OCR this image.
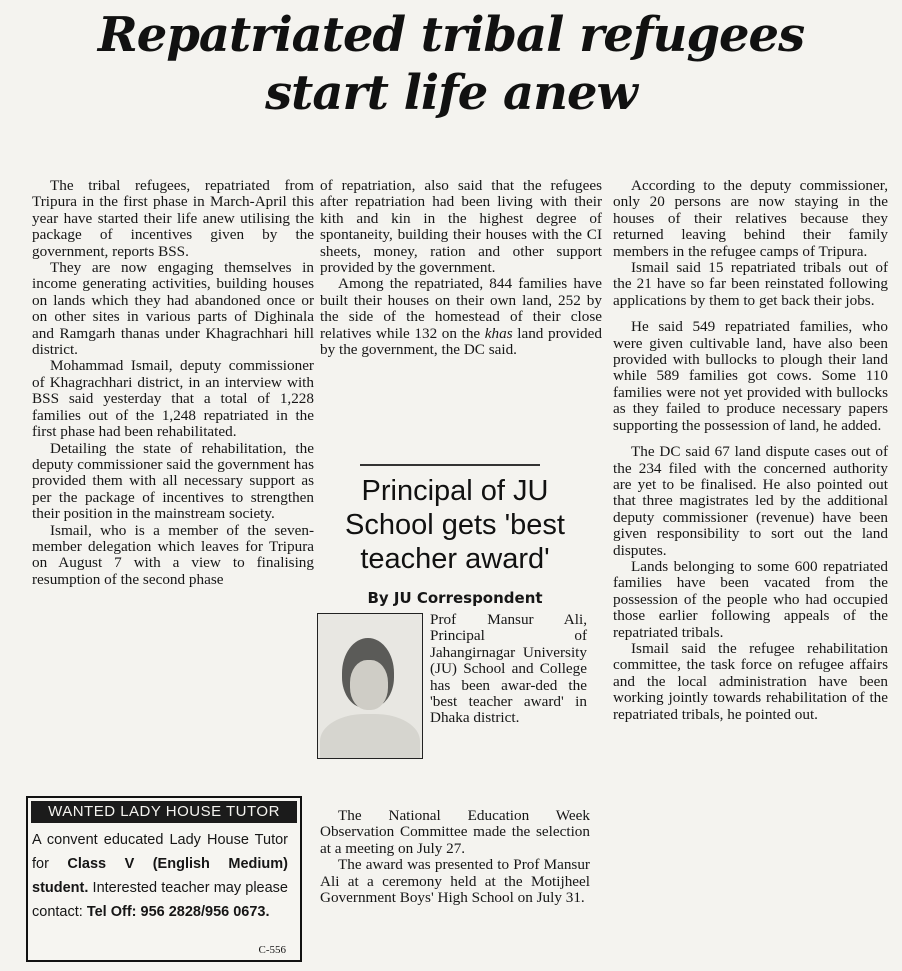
Repatriated tribal refugees
start life anew

The tribal refugees, repatriated from Tripura in the first phase in March-April this year have started their life anew utilising the package of incentives given by the government, reports BSS.

They are now engaging themselves in income generating activities, building houses on lands which they had abandoned once or on other sites in various parts of Dighinala and Ramgarh thanas under Khagrachhari hill district.

Mohammad Ismail, deputy commissioner of Khagrachhari district, in an interview with BSS said yesterday that a total of 1,228 families out of the 1,248 repatriated in the first phase had been rehabilitated.

Detailing the state of rehabilitation, the deputy commissioner said the government has provided them with all necessary support as per the package of incentives to strengthen their position in the mainstream society.

Ismail, who is a member of the seven-member delegation which leaves for Tripura on August 7 with a view to finalising resumption of the second phase

of repatriation, also said that the refugees after repatriation had been living with their kith and kin in the highest degree of spontaneity, building their houses with the CI sheets, money, ration and other support provided by the government.

Among the repatriated, 844 families have built their houses on their own land, 252 by the side of the homestead of their close relatives while 132 on the khas land provided by the government, the DC said.

Principal of JU School gets 'best teacher award'
By JU Correspondent
Prof Mansur Ali, Principal of Jahangirnagar University (JU) School and College has been awar-ded the 'best teacher award' in Dhaka district.

The National Education Week Observation Committee made the selection at a meeting on July 27.

The award was presented to Prof Mansur Ali at a ceremony held at the Motijheel Government Boys' High School on July 31.

According to the deputy commissioner, only 20 persons are now staying in the houses of their relatives because they returned leaving behind their family members in the refugee camps of Tripura.

Ismail said 15 repatriated tribals out of the 21 have so far been reinstated following applications by them to get back their jobs.

He said 549 repatriated families, who were given cultivable land, have also been provided with bullocks to plough their land while 589 families got cows. Some 110 families were not yet provided with bullocks as they failed to produce necessary papers supporting the possession of land, he added.

The DC said 67 land dispute cases out of the 234 filed with the concerned authority are yet to be finalised. He also pointed out that three magistrates led by the additional deputy commissioner (revenue) have been given responsibility to sort out the land disputes.

Lands belonging to some 600 repatriated families have been vacated from the possession of the people who had occupied those earlier following appeals of the repatriated tribals.

Ismail said the refugee rehabilitation committee, the task force on refugee affairs and the local administration have been working jointly towards rehabilitation of the repatriated tribals, he pointed out.

WANTED LADY HOUSE TUTOR
A convent educated Lady House Tutor for Class V (English Medium) student. Interested teacher may please contact: Tel Off: 956 2828/956 0673.
C-556
